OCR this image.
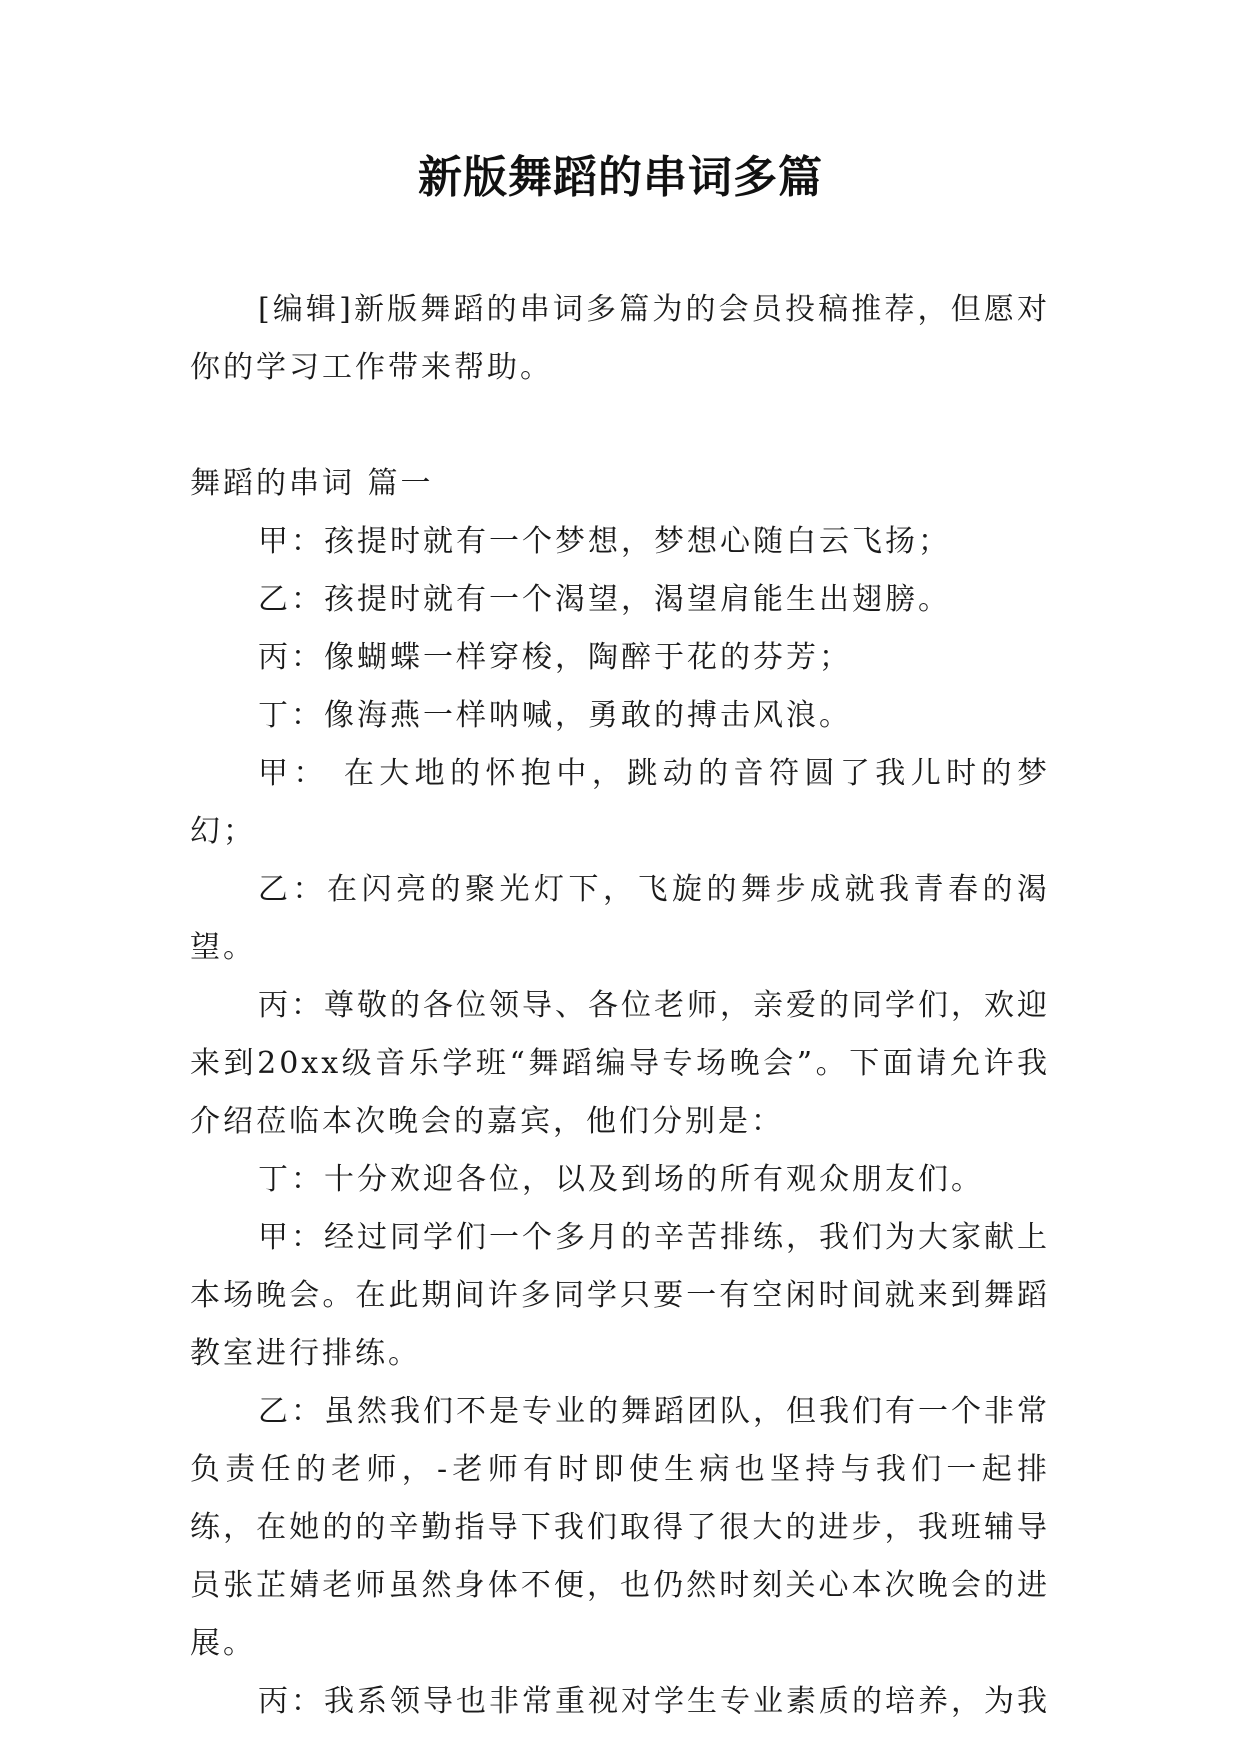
新版舞蹈的串词多篇

[编辑]新版舞蹈的串词多篇为的会员投稿推荐，但愿对你的学习工作带来帮助。

舞蹈的串词 篇一

甲：孩提时就有一个梦想，梦想心随白云飞扬；

乙：孩提时就有一个渴望，渴望肩能生出翅膀。

丙：像蝴蝶一样穿梭，陶醉于花的芬芳；

丁：像海燕一样呐喊，勇敢的搏击风浪。

甲： 在大地的怀抱中，跳动的音符圆了我儿时的梦幻；

乙：在闪亮的聚光灯下，飞旋的舞步成就我青春的渴望。

丙：尊敬的各位领导、各位老师，亲爱的同学们，欢迎来到20xx级音乐学班“舞蹈编导专场晚会”。下面请允许我介绍莅临本次晚会的嘉宾，他们分别是：

丁：十分欢迎各位，以及到场的所有观众朋友们。

甲：经过同学们一个多月的辛苦排练，我们为大家献上本场晚会。在此期间许多同学只要一有空闲时间就来到舞蹈教室进行排练。

乙：虽然我们不是专业的舞蹈团队，但我们有一个非常负责任的老师，-老师有时即使生病也坚持与我们一起排练，在她的的辛勤指导下我们取得了很大的进步，我班辅导员张芷婧老师虽然身体不便，也仍然时刻关心本次晚会的进展。

丙：我系领导也非常重视对学生专业素质的培养，为我
